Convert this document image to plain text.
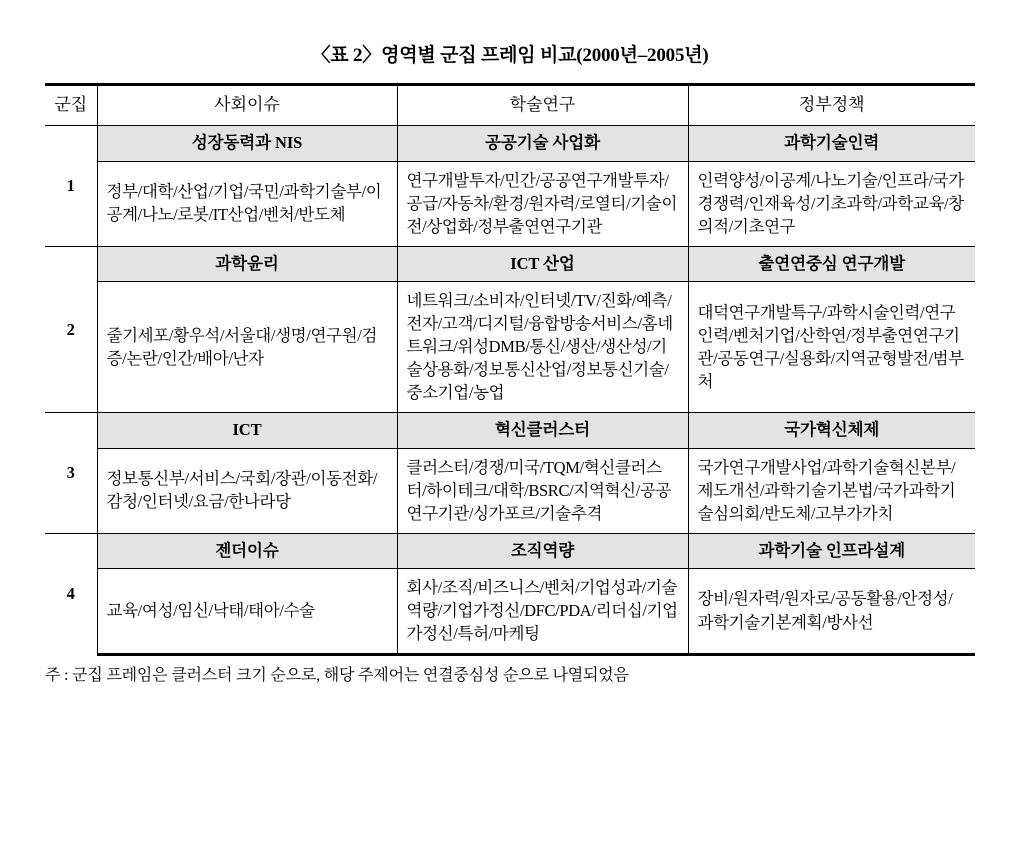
〈표 2〉영역별 군집 프레임 비교(2000년–2005년)
군집	사회이슈	학술연구	정부정책
1	성장동력과 NIS	공공기술 사업화	과학기술인력
	정부/대학/산업/기업/국민/과학기술부/이공계/나노/로봇/IT산업/벤처/반도체	연구개발투자/민간/공공연구개발투자/공급/자동차/환경/원자력/로열티/기술이전/상업화/정부출연연구기관	인력양성/이공계/나노기술/인프라/국가경쟁력/인재육성/기초과학/과학교육/창의적/기초연구
2	과학윤리	ICT 산업	출연연중심 연구개발
	줄기세포/황우석/서울대/생명/연구원/검증/논란/인간/배아/난자	네트워크/소비자/인터넷/TV/진화/예측/전자/고객/디지털/융합방송서비스/홈네트워크/위성DMB/통신/생산/생산성/기술상용화/정보통신산업/정보통신기술/중소기업/농업	대덕연구개발특구/과학시술인력/연구인력/벤처기업/산학연/정부출연연구기관/공동연구/실용화/지역균형발전/범부처
3	ICT	혁신클러스터	국가혁신체제
	정보통신부/서비스/국회/장관/이동전화/감청/인터넷/요금/한나라당	클러스터/경쟁/미국/TQM/혁신클러스터/하이테크/대학/BSRC/지역혁신/공공연구기관/싱가포르/기술추격	국가연구개발사업/과학기술혁신본부/제도개선/과학기술기본법/국가과학기술심의회/반도체/고부가가치
4	젠더이슈	조직역량	과학기술 인프라설계
	교육/여성/임신/낙태/태아/수술	회사/조직/비즈니스/벤처/기업성과/기술역량/기업가정신/DFC/PDA/리더십/기업가정신/특허/마케팅	장비/원자력/원자로/공동활용/안정성/과학기술기본계획/방사선
주 : 군집 프레임은 클러스터 크기 순으로, 해당 주제어는 연결중심성 순으로 나열되었음
